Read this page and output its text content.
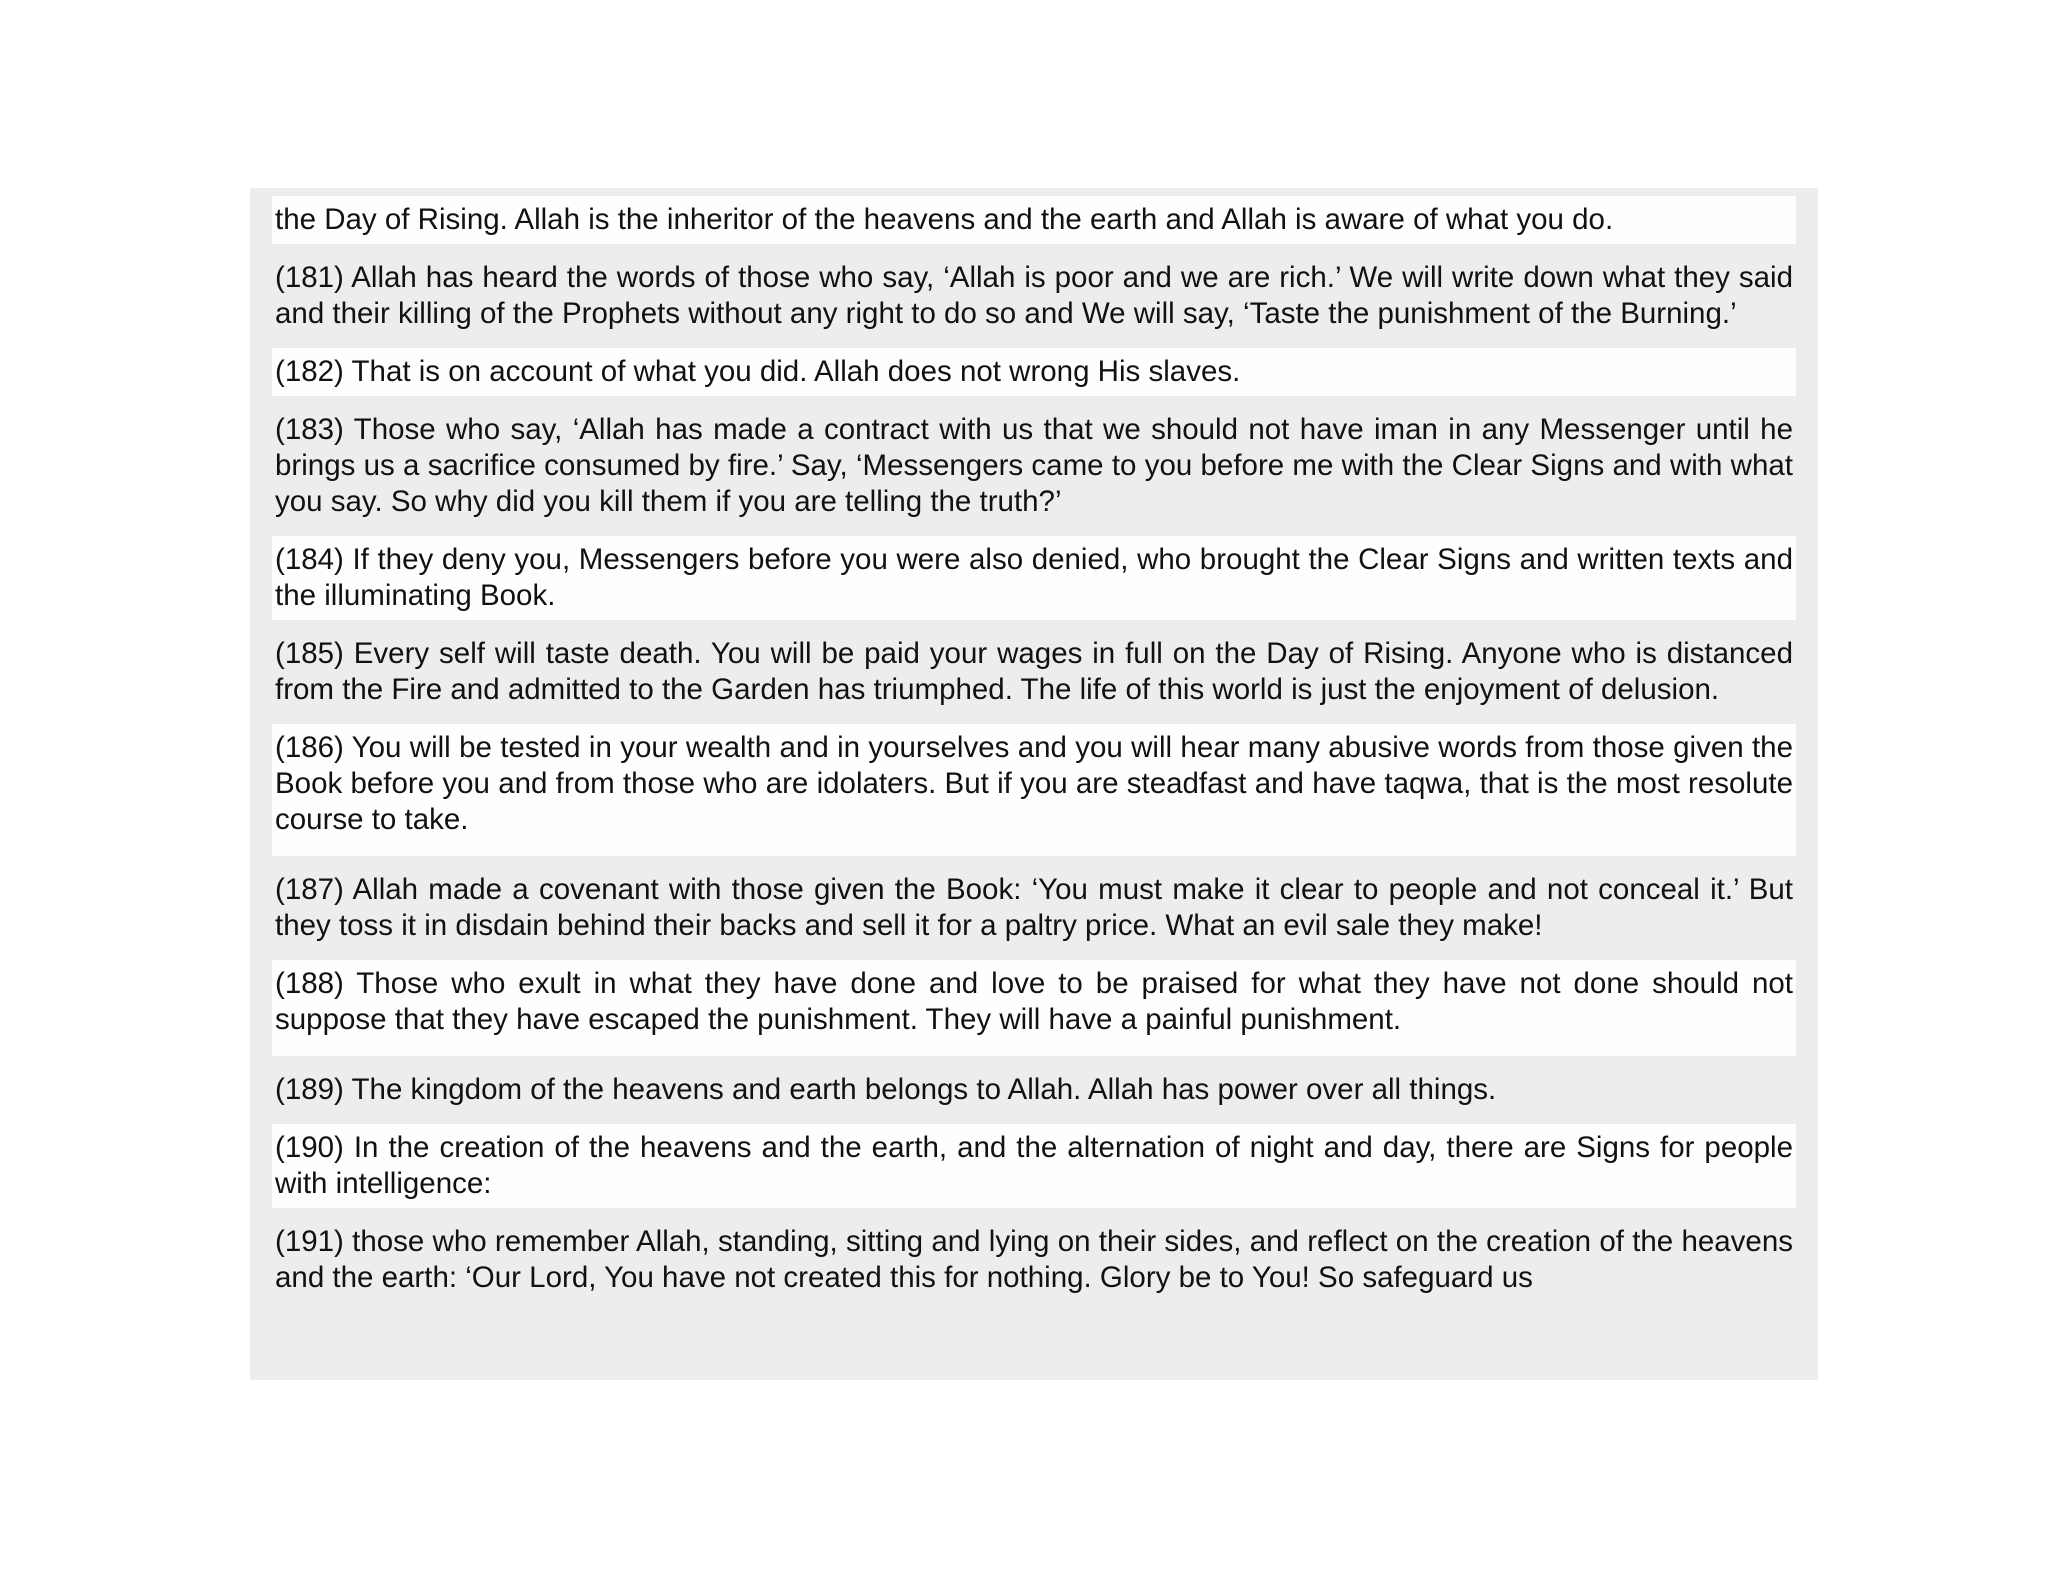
the Day of Rising. Allah is the inheritor of the heavens and the earth and Allah is aware of what you do.
(181) Allah has heard the words of those who say, ‘Allah is poor and we are rich.’ We will write down what they said and their killing of the Prophets without any right to do so and We will say, ‘Taste the punishment of the Burning.’
(182) That is on account of what you did. Allah does not wrong His slaves.
(183) Those who say, ‘Allah has made a contract with us that we should not have iman in any Messenger until he brings us a sacrifice consumed by fire.’ Say, ‘Messengers came to you before me with the Clear Signs and with what you say. So why did you kill them if you are telling the truth?’
(184) If they deny you, Messengers before you were also denied, who brought the Clear Signs and written texts and the illuminating Book.
(185) Every self will taste death. You will be paid your wages in full on the Day of Rising. Anyone who is distanced from the Fire and admitted to the Garden has triumphed. The life of this world is just the enjoyment of delusion.
(186) You will be tested in your wealth and in yourselves and you will hear many abusive words from those given the Book before you and from those who are idolaters. But if you are steadfast and have taqwa, that is the most resolute course to take.
(187) Allah made a covenant with those given the Book: ‘You must make it clear to people and not conceal it.’ But they toss it in disdain behind their backs and sell it for a paltry price. What an evil sale they make!
(188) Those who exult in what they have done and love to be praised for what they have not done should not suppose that they have escaped the punishment. They will have a painful punishment.
(189) The kingdom of the heavens and earth belongs to Allah. Allah has power over all things.
(190) In the creation of the heavens and the earth, and the alternation of night and day, there are Signs for people with intelligence:
(191) those who remember Allah, standing, sitting and lying on their sides, and reflect on the creation of the heavens and the earth: ‘Our Lord, You have not created this for nothing. Glory be to You! So safeguard us
